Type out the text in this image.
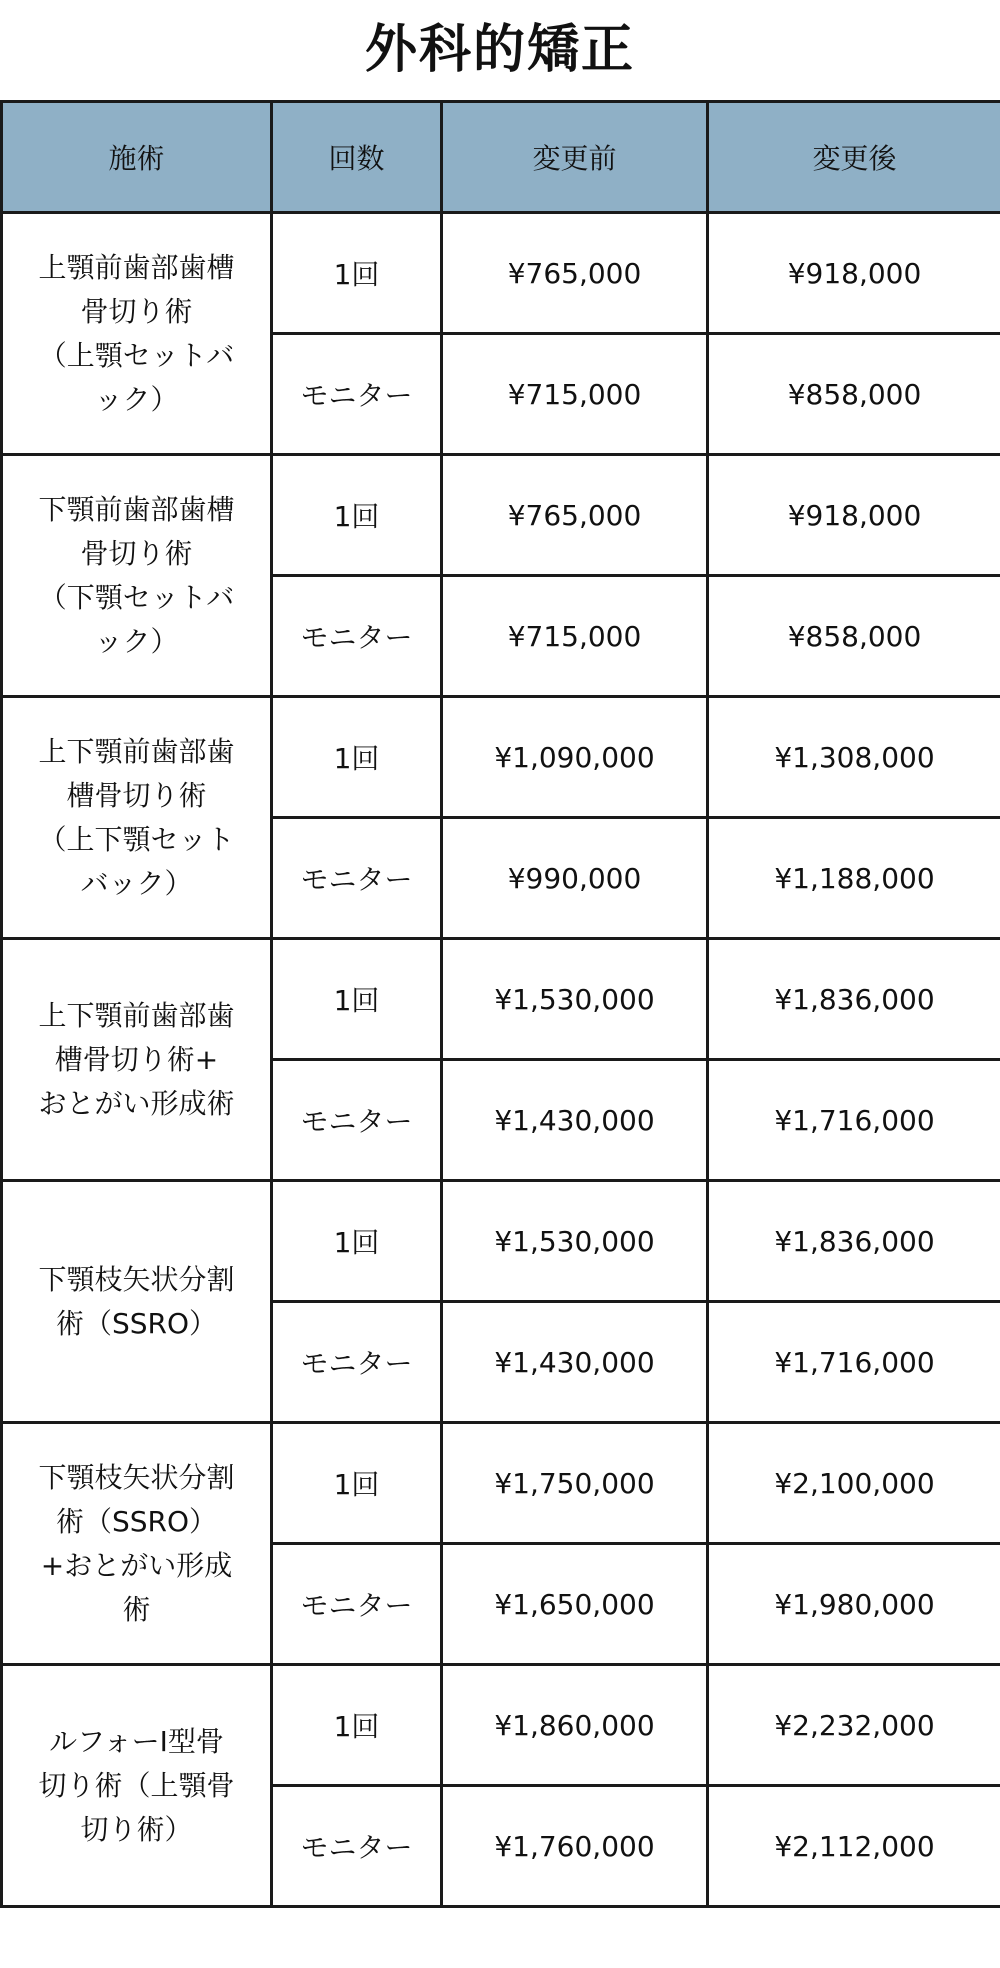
外科的矯正
施術	回数	変更前	変更後
上顎前歯部歯槽
骨切り術
（上顎セットバ
ック）	1回	¥765,000	¥918,000
	モニター	¥715,000	¥858,000
下顎前歯部歯槽
骨切り術
（下顎セットバ
ック）	1回	¥765,000	¥918,000
	モニター	¥715,000	¥858,000
上下顎前歯部歯
槽骨切り術
（上下顎セット
バック）	1回	¥1,090,000	¥1,308,000
	モニター	¥990,000	¥1,188,000
上下顎前歯部歯
槽骨切り術+
おとがい形成術	1回	¥1,530,000	¥1,836,000
	モニター	¥1,430,000	¥1,716,000
下顎枝矢状分割
術（SSRO）	1回	¥1,530,000	¥1,836,000
	モニター	¥1,430,000	¥1,716,000
下顎枝矢状分割
術（SSRO）
+おとがい形成
術	1回	¥1,750,000	¥2,100,000
	モニター	¥1,650,000	¥1,980,000
ルフォーⅠ型骨
切り術（上顎骨
切り術）	1回	¥1,860,000	¥2,232,000
	モニター	¥1,760,000	¥2,112,000
